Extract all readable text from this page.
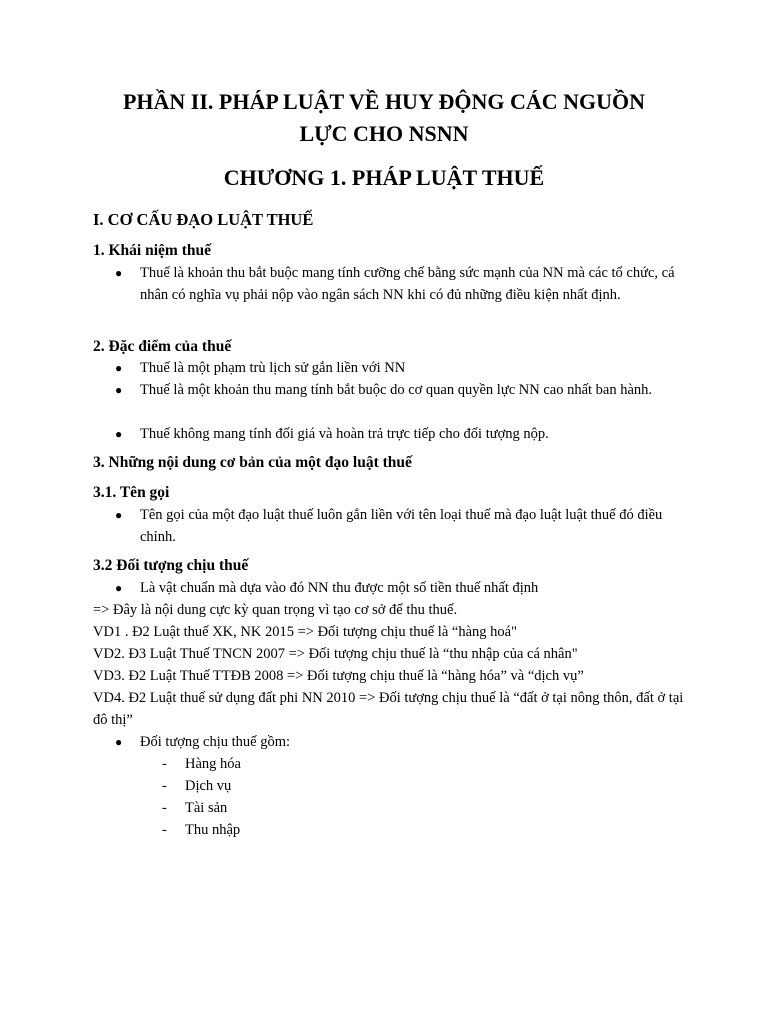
PHẦN II. PHÁP LUẬT VỀ HUY ĐỘNG CÁC NGUỒN
LỰC CHO NSNN
CHƯƠNG 1. PHÁP LUẬT THUẾ
I. CƠ CẤU ĐẠO LUẬT THUẾ
1. Khái niệm thuế
●	Thuế là khoản thu bắt buộc mang tính cưỡng chế bằng sức mạnh của NN mà các tổ chức, cá nhân có nghĩa vụ phải nộp vào ngân sách NN khi có đủ những điều kiện nhất định.
2. Đặc điểm của thuế
●	Thuế là một phạm trù lịch sử gắn liền với NN
●	Thuế là một khoản thu mang tính bắt buộc do cơ quan quyền lực NN cao nhất ban hành.
●	Thuế không mang tính đối giá và hoàn trả trực tiếp cho đối tượng nộp.
3. Những nội dung cơ bản của một đạo luật thuế
3.1. Tên gọi
●	Tên gọi của một đạo luật thuế luôn gắn liền với tên loại thuế mà đạo luật luật thuế đó điều chỉnh.
3.2 Đối tượng chịu thuế
●	Là vật chuẩn mà dựa vào đó NN thu được một số tiền thuế nhất định
=> Đây là nội dung cực kỳ quan trọng vì tạo cơ sở để thu thuế.
VD1 . Đ2 Luật thuế XK, NK 2015 => Đối tượng chịu thuế là “hàng hoá"
VD2. Đ3 Luật Thuế TNCN 2007 => Đối tượng chịu thuế là “thu nhập của cá nhân"
VD3. Đ2 Luật Thuế TTĐB 2008 => Đối tượng chịu thuế là “hàng hóa” và “dịch vụ”
VD4. Đ2 Luật thuế sử dụng đất phi NN 2010 => Đối tượng chịu thuế là “đất ở tại nông thôn, đất ở tại đô thị”
●	Đối tượng chịu thuế gồm:
- Hàng hóa
- Dịch vụ
- Tài sản
- Thu nhập
